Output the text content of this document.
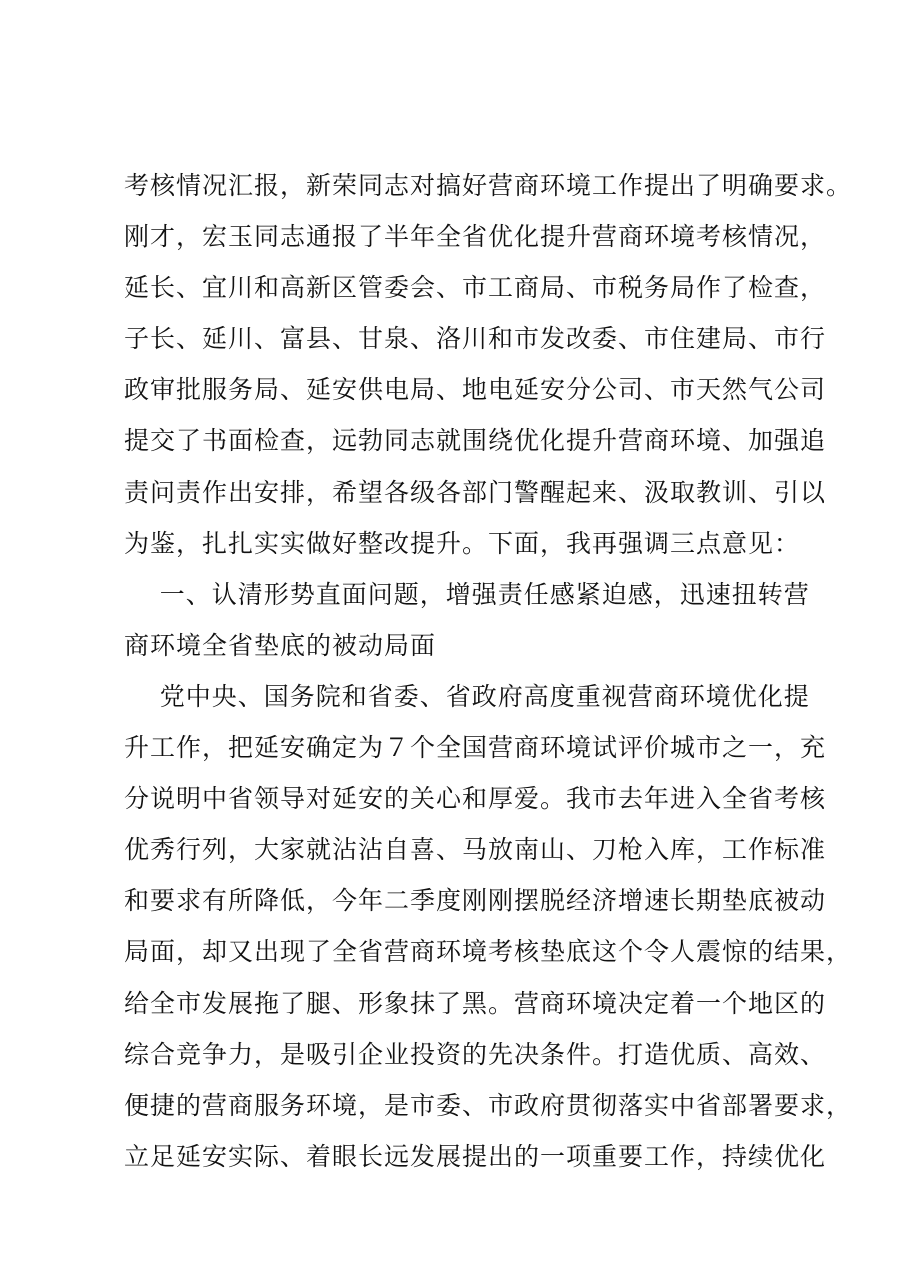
考核情况汇报，新荣同志对搞好营商环境工作提出了明确要求。
刚才，宏玉同志通报了半年全省优化提升营商环境考核情况，
延长、宜川和高新区管委会、市工商局、市税务局作了检查，
子长、延川、富县、甘泉、洛川和市发改委、市住建局、市行
政审批服务局、延安供电局、地电延安分公司、市天然气公司
提交了书面检查，远勃同志就围绕优化提升营商环境、加强追
责问责作出安排，希望各级各部门警醒起来、汲取教训、引以
为鉴，扎扎实实做好整改提升。下面，我再强调三点意见：
一、认清形势直面问题，增强责任感紧迫感，迅速扭转营
商环境全省垫底的被动局面
党中央、国务院和省委、省政府高度重视营商环境优化提
升工作，把延安确定为７个全国营商环境试评价城市之一，充
分说明中省领导对延安的关心和厚爱。我市去年进入全省考核
优秀行列，大家就沾沾自喜、马放南山、刀枪入库，工作标准
和要求有所降低，今年二季度刚刚摆脱经济增速长期垫底被动
局面，却又出现了全省营商环境考核垫底这个令人震惊的结果，
给全市发展拖了腿、形象抹了黑。营商环境决定着一个地区的
综合竞争力，是吸引企业投资的先决条件。打造优质、高效、
便捷的营商服务环境，是市委、市政府贯彻落实中省部署要求，
立足延安实际、着眼长远发展提出的一项重要工作，持续优化
